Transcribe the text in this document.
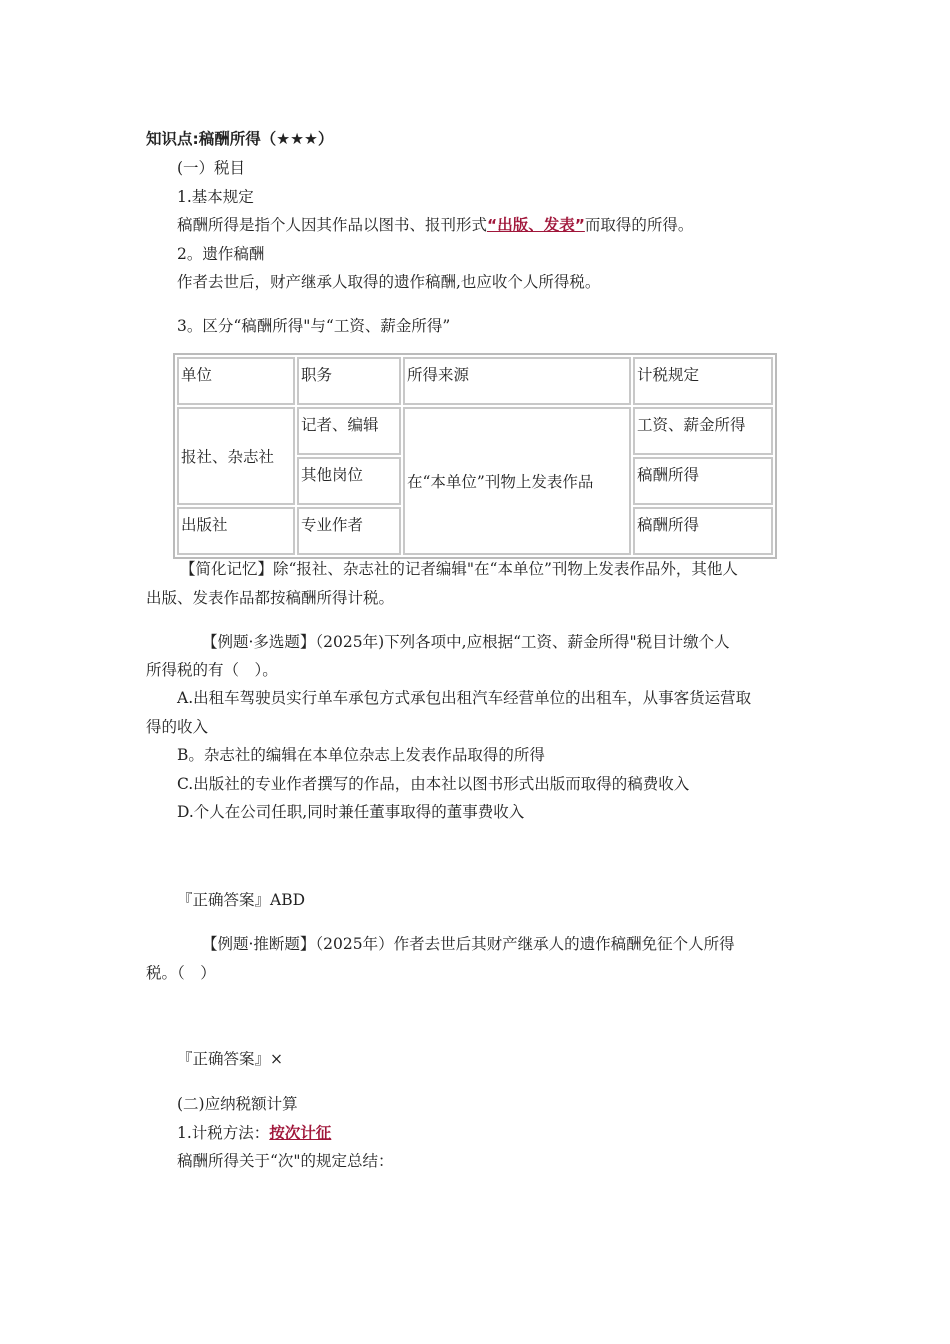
知识点:稿酬所得（★★★）
(一）税目
1.基本规定
稿酬所得是指个人因其作品以图书、报刊形式“出版、发表”而取得的所得。
2。遗作稿酬
作者去世后，财产继承人取得的遗作稿酬,也应收个人所得税。
3。区分“稿酬所得"与“工资、薪金所得”
单位	职务	所得来源	计税规定
报社、杂志社	记者、编辑	在“本单位”刊物上发表作品	工资、薪金所得
	其他岗位		稿酬所得
出版社	专业作者		稿酬所得
【简化记忆】除“报社、杂志社的记者编辑"在“本单位”刊物上发表作品外，其他人
出版、发表作品都按稿酬所得计税。
【例题·多选题】（2025年)下列各项中,应根据“工资、薪金所得"税目计缴个人
所得税的有（　）。
A.出租车驾驶员实行单车承包方式承包出租汽车经营单位的出租车，从事客货运营取
得的收入
B。杂志社的编辑在本单位杂志上发表作品取得的所得
C.出版社的专业作者撰写的作品，由本社以图书形式出版而取得的稿费收入
D.个人在公司任职,同时兼任董事取得的董事费收入
『正确答案』ABD
【例题·推断题】（2025年）作者去世后其财产继承人的遗作稿酬免征个人所得
税。（　）
『正确答案』×
(二)应纳税额计算
1.计税方法：按次计征
稿酬所得关于“次"的规定总结：
